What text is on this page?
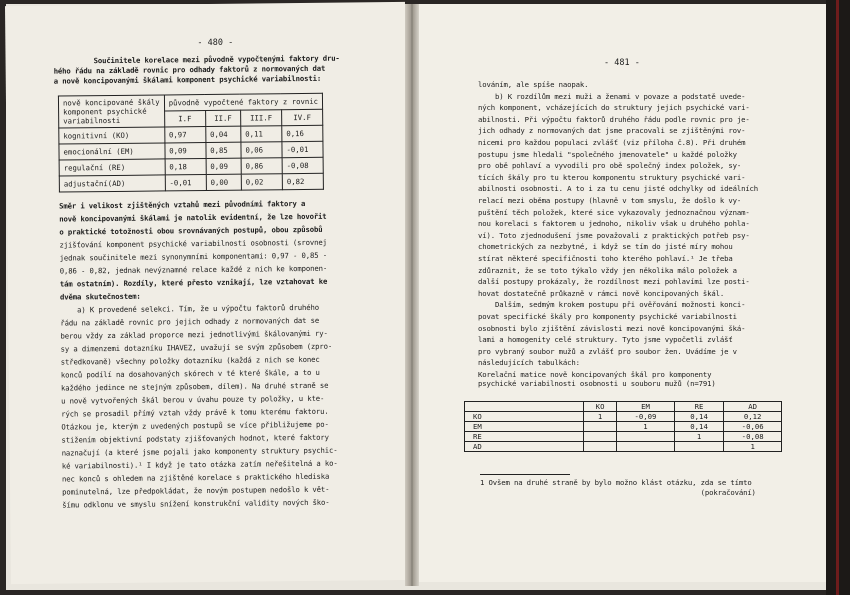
- 480 -
Součinitele korelace mezi původně vypočtenými faktory dru-
hého řádu na základě rovnic pro odhady faktorů z normovaných dat
a nově koncipovanými škálami komponent psychické variabilnosti:
nově koncipované škály
komponent psychické
variabilnosti	původně vypočtené faktory z rovnic			
	I.F	II.F	III.F	IV.F
kognitivní (KO)	0,97	0,04	0,11	0,16
emocionální (EM)	0,09	0,85	0,06	-0,01
regulační (RE)	0,18	0,09	0,86	-0,08
adjustační(AD)	-0,01	0,00	0,02	0,82
Směr i velikost zjištěných vztahů mezi původními faktory a
nově koncipovanými škálami je natolik evidentní, že lze hovořit
o praktické totožnosti obou srovnávaných postupů, obou způsobů
zjišťování komponent psychické variabilnosti osobnosti (srovnej
jednak součinitele mezi synonymními komponentami: 0,97 - 0,85 -
0,86 - 0,82, jednak nevýznamné relace každé z nich ke komponen-
tám ostatním). Rozdíly, které přesto vznikají, lze vztahovat ke
dvěma skutečnostem:
a) K provedené selekci. Tím, že u výpočtu faktorů druhého
řádu na základě rovnic pro jejich odhady z normovaných dat se
berou vždy za základ proporce mezi jednotlivými škálovanými ry-
sy a dimenzemi dotazníku IHAVEZ, uvažují se svým způsobem (zpro-
středkovaně) všechny položky dotazníku (každá z nich se konec
konců podílí na dosahovaných skórech v té které škále, a to u
každého jedince ne stejným způsobem, dílem). Na druhé straně se
u nově vytvořených škál berou v úvahu pouze ty položky, u kte-
rých se prosadil přímý vztah vždy právě k tomu kterému faktoru.
Otázkou je, kterým z uvedených postupů se více přibližujeme po-
stižením objektivní podstaty zjišťovaných hodnot, které faktory
naznačují (a které jsme pojali jako komponenty struktury psychic-
ké variabilnosti).¹ I když je tato otázka zatím neřešitelná a ko-
nec konců s ohledem na zjištěné korelace s praktického hlediska
pominutelná, lze předpokládat, že novým postupem nedošlo k vět-
šímu odklonu ve smyslu snížení konstrukční validity nových ško-
- 481 -
lováním, ale spíše naopak.
b) K rozdílům mezi muži a ženami v povaze a podstatě uvede-
ných komponent, vcházejících do struktury jejich psychické vari-
abilnosti. Při výpočtu faktorů druhého řádu podle rovnic pro je-
jich odhady z normovaných dat jsme pracovali se zjištěnými rov-
nicemi pro každou populaci zvlášť (viz příloha č.8). Při druhém
postupu jsme hledali "společného jmenovatele" u každé položky
pro obě pohlaví a vyvodili pro obě společný index položek, sy-
tících škály pro tu kterou komponentu struktury psychické vari-
abilnosti osobnosti. A to i za tu cenu jisté odchylky od ideálních
relací mezi oběma postupy (hlavně v tom smyslu, že došlo k vy-
puštění těch položek, které sice vykazovaly jednoznačnou význam-
nou korelaci s faktorem u jednoho, nikoliv však u druhého pohla-
ví). Toto zjednodušení jsme považovali z praktických potřeb psy-
chometrických za nezbytné, i když se tím do jisté míry mohou
stírat některé specifičnosti toho kterého pohlaví.¹ Je třeba
zdůraznit, že se toto týkalo vždy jen několika málo položek a
další postupy prokázaly, že rozdílnost mezi pohlavími lze posti-
hovat dostatečně průkazně v rámci nově koncipovaných škál.
Dalším, sedmým krokem postupu při ověřování možnosti konci-
povat specifické škály pro komponenty psychické variabilnosti
osobnosti bylo zjištění závislosti mezi nově koncipovanými šká-
lami a homogenity celé struktury. Tyto jsme vypočetli zvlášť
pro vybraný soubor mužů a zvlášť pro soubor žen. Uvádíme je v
následujících tabulkách:
Korelační matice nově koncipovaných škál pro komponenty
psychické variabilnosti osobnosti u souboru mužů (n=791)
	KO	EM	RE	AD
KO	1	-0,09	0,14	0,12
EM		1	0,14	-0,06
RE			1	-0,08
AD				1
1 Ovšem na druhé straně by bylo možno klást otázku, zda se tímto
(pokračování)
